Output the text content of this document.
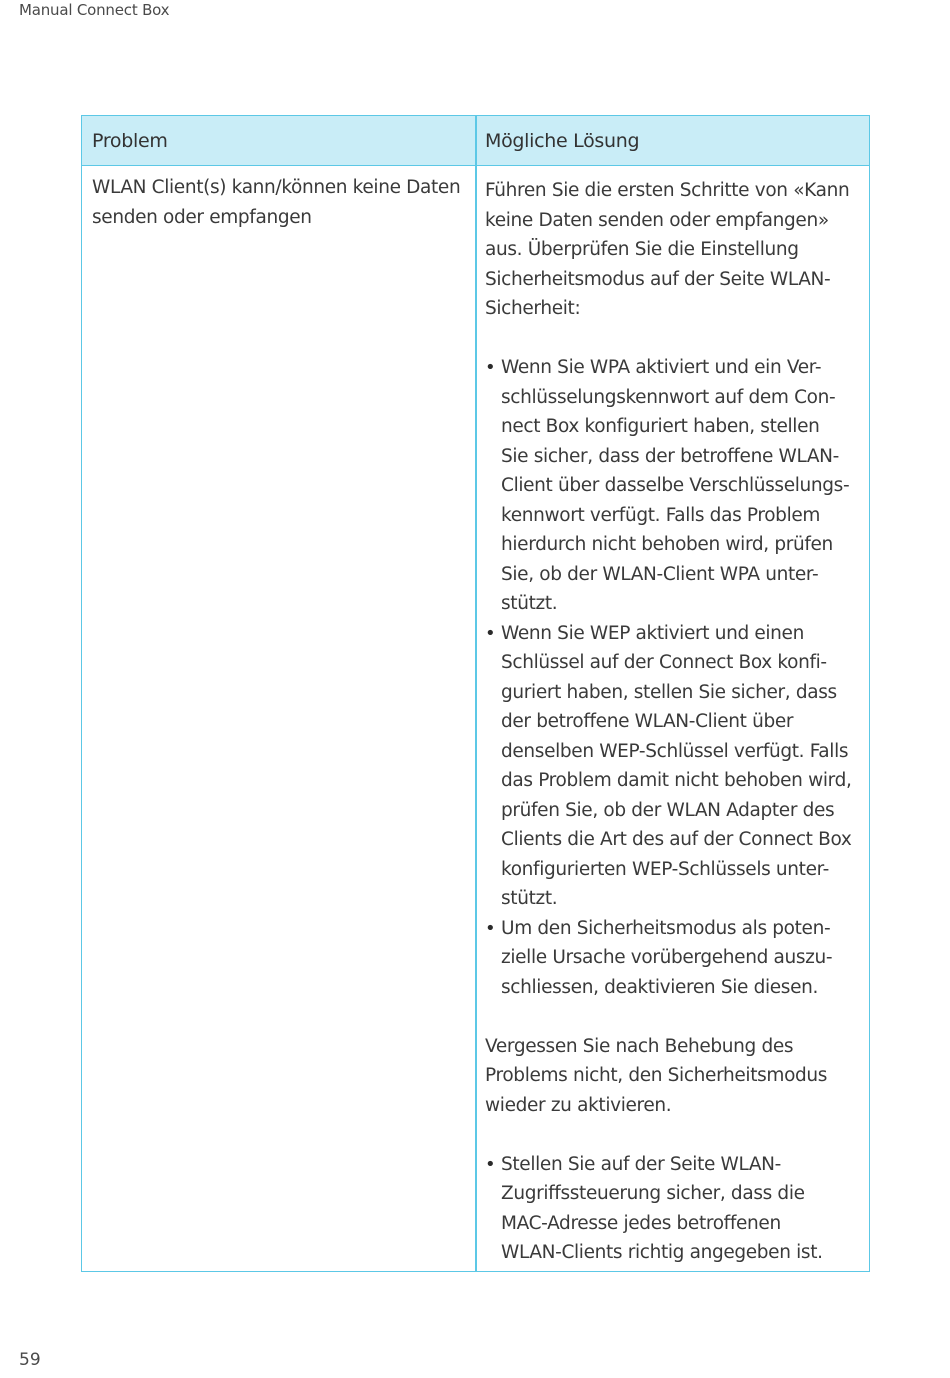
Manual Connect Box
Problem	Mögliche Lösung

WLAN Client(s) kann/können keine Daten
senden oder empfangen

Führen Sie die ersten Schritte von «Kann
keine Daten senden oder empfangen»
aus. Überprüfen Sie die Einstellung
Sicherheitsmodus auf der Seite WLAN-
Sicherheit:

• Wenn Sie WPA aktiviert und ein Ver-
schlüsselungskennwort auf dem Con-
nect Box konfiguriert haben, stellen
Sie sicher, dass der betroffene WLAN-
Client über dasselbe Verschlüsselungs-
kennwort verfügt. Falls das Problem
hierdurch nicht behoben wird, prüfen
Sie, ob der WLAN-Client WPA unter-
stützt.
• Wenn Sie WEP aktiviert und einen
Schlüssel auf der Connect Box konfi-
guriert haben, stellen Sie sicher, dass
der betroffene WLAN-Client über
denselben WEP-Schlüssel verfügt. Falls
das Problem damit nicht behoben wird,
prüfen Sie, ob der WLAN Adapter des
Clients die Art des auf der Connect Box
konfigurierten WEP-Schlüssels unter-
stützt.
• Um den Sicherheitsmodus als poten-
zielle Ursache vorübergehend auszu-
schliessen, deaktivieren Sie diesen.

Vergessen Sie nach Behebung des
Problems nicht, den Sicherheitsmodus
wieder zu aktivieren.

• Stellen Sie auf der Seite WLAN-
Zugriffssteuerung sicher, dass die
MAC-Adresse jedes betroffenen
WLAN-Clients richtig angegeben ist.
59
